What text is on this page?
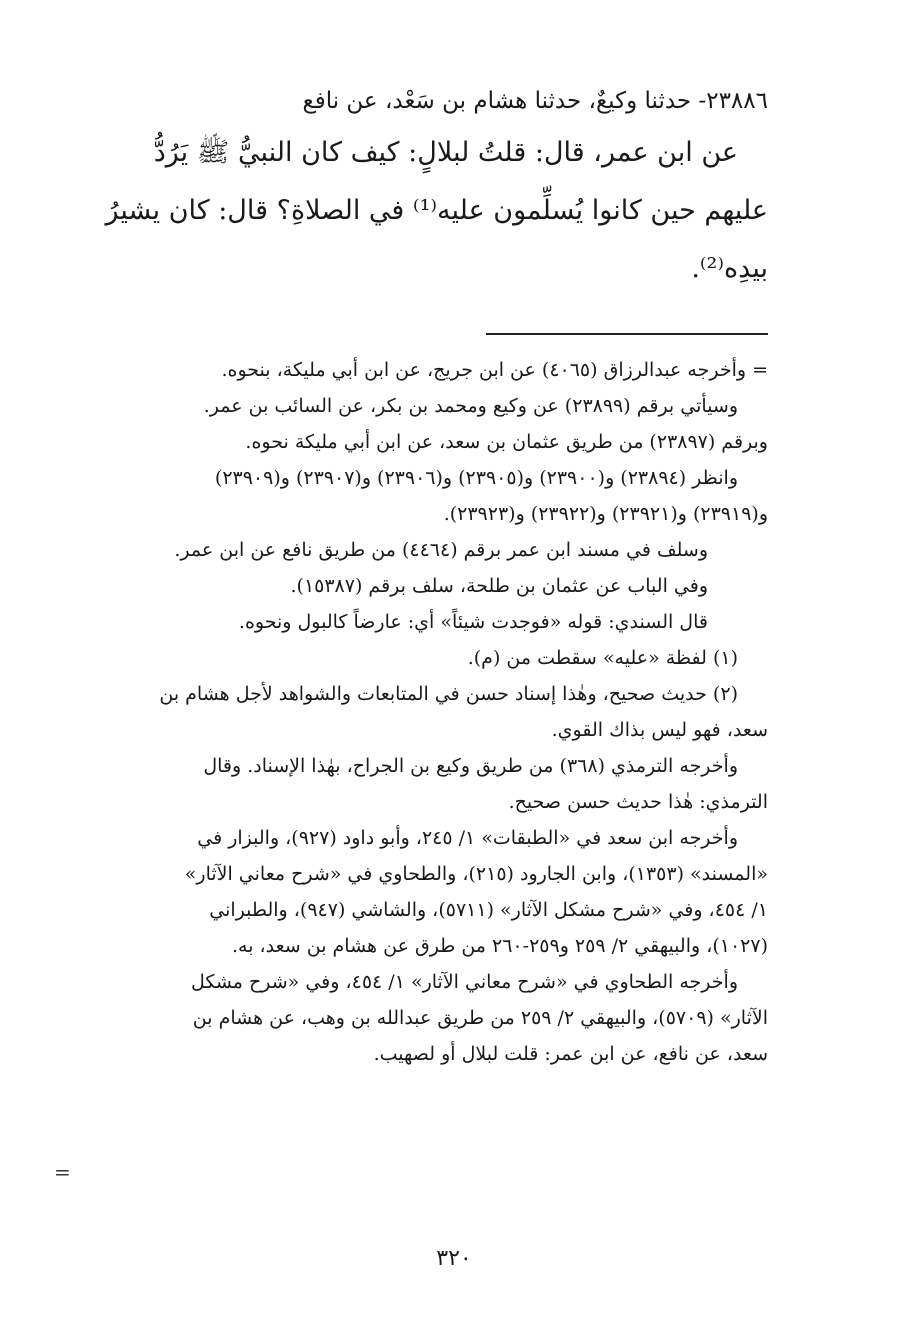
٢٣٨٨٦- حدثنا وكيعٌ، حدثنا هشام بن سَعْد، عن نافع

عن ابن عمر، قال: قلتُ لبلالٍ: كيف كان النبيُّ ﷺ يَرُدُّ

عليهم حين كانوا يُسلِّمون عليه⁽¹⁾ في الصلاةِ؟ قال: كان يشيرُ

بيدِه⁽²⁾.

= وأخرجه عبدالرزاق (٤٠٦٥) عن ابن جريج، عن ابن أبي مليكة، بنحوه.

وسيأتي برقم (٢٣٨٩٩) عن وكيع ومحمد بن بكر، عن السائب بن عمر.

وبرقم (٢٣٨٩٧) من طريق عثمان بن سعد، عن ابن أبي مليكة نحوه.

وانظر (٢٣٨٩٤) و(٢٣٩٠٠) و(٢٣٩٠٥) و(٢٣٩٠٦) و(٢٣٩٠٧) و(٢٣٩٠٩)

و(٢٣٩١٩) و(٢٣٩٢١) و(٢٣٩٢٢) و(٢٣٩٢٣).

وسلف في مسند ابن عمر برقم (٤٤٦٤) من طريق نافع عن ابن عمر.

وفي الباب عن عثمان بن طلحة، سلف برقم (١٥٣٨٧).

قال السندي: قوله «فوجدت شيئاً» أي: عارضاً كالبول ونحوه.

(١) لفظة «عليه» سقطت من (م).

(٢) حديث صحيح، وهٰذا إسناد حسن في المتابعات والشواهد لأجل هشام بن

سعد، فهو ليس بذاك القوي.

وأخرجه الترمذي (٣٦٨) من طريق وكيع بن الجراح، بهٰذا الإسناد. وقال

الترمذي: هٰذا حديث حسن صحيح.

وأخرجه ابن سعد في «الطبقات» ١/ ٢٤٥، وأبو داود (٩٢٧)، والبزار في

«المسند» (١٣٥٣)، وابن الجارود (٢١٥)، والطحاوي في «شرح معاني الآثار»

١/ ٤٥٤، وفي «شرح مشكل الآثار» (٥٧١١)، والشاشي (٩٤٧)، والطبراني

(١٠٢٧)، والبيهقي ٢/ ٢٥٩ و٢٥٩-٢٦٠ من طرق عن هشام بن سعد، به.

وأخرجه الطحاوي في «شرح معاني الآثار» ١/ ٤٥٤، وفي «شرح مشكل

الآثار» (٥٧٠٩)، والبيهقي ٢/ ٢٥٩ من طريق عبدالله بن وهب، عن هشام بن

سعد، عن نافع، عن ابن عمر: قلت لبلال أو لصهيب.

=
٣٢٠
